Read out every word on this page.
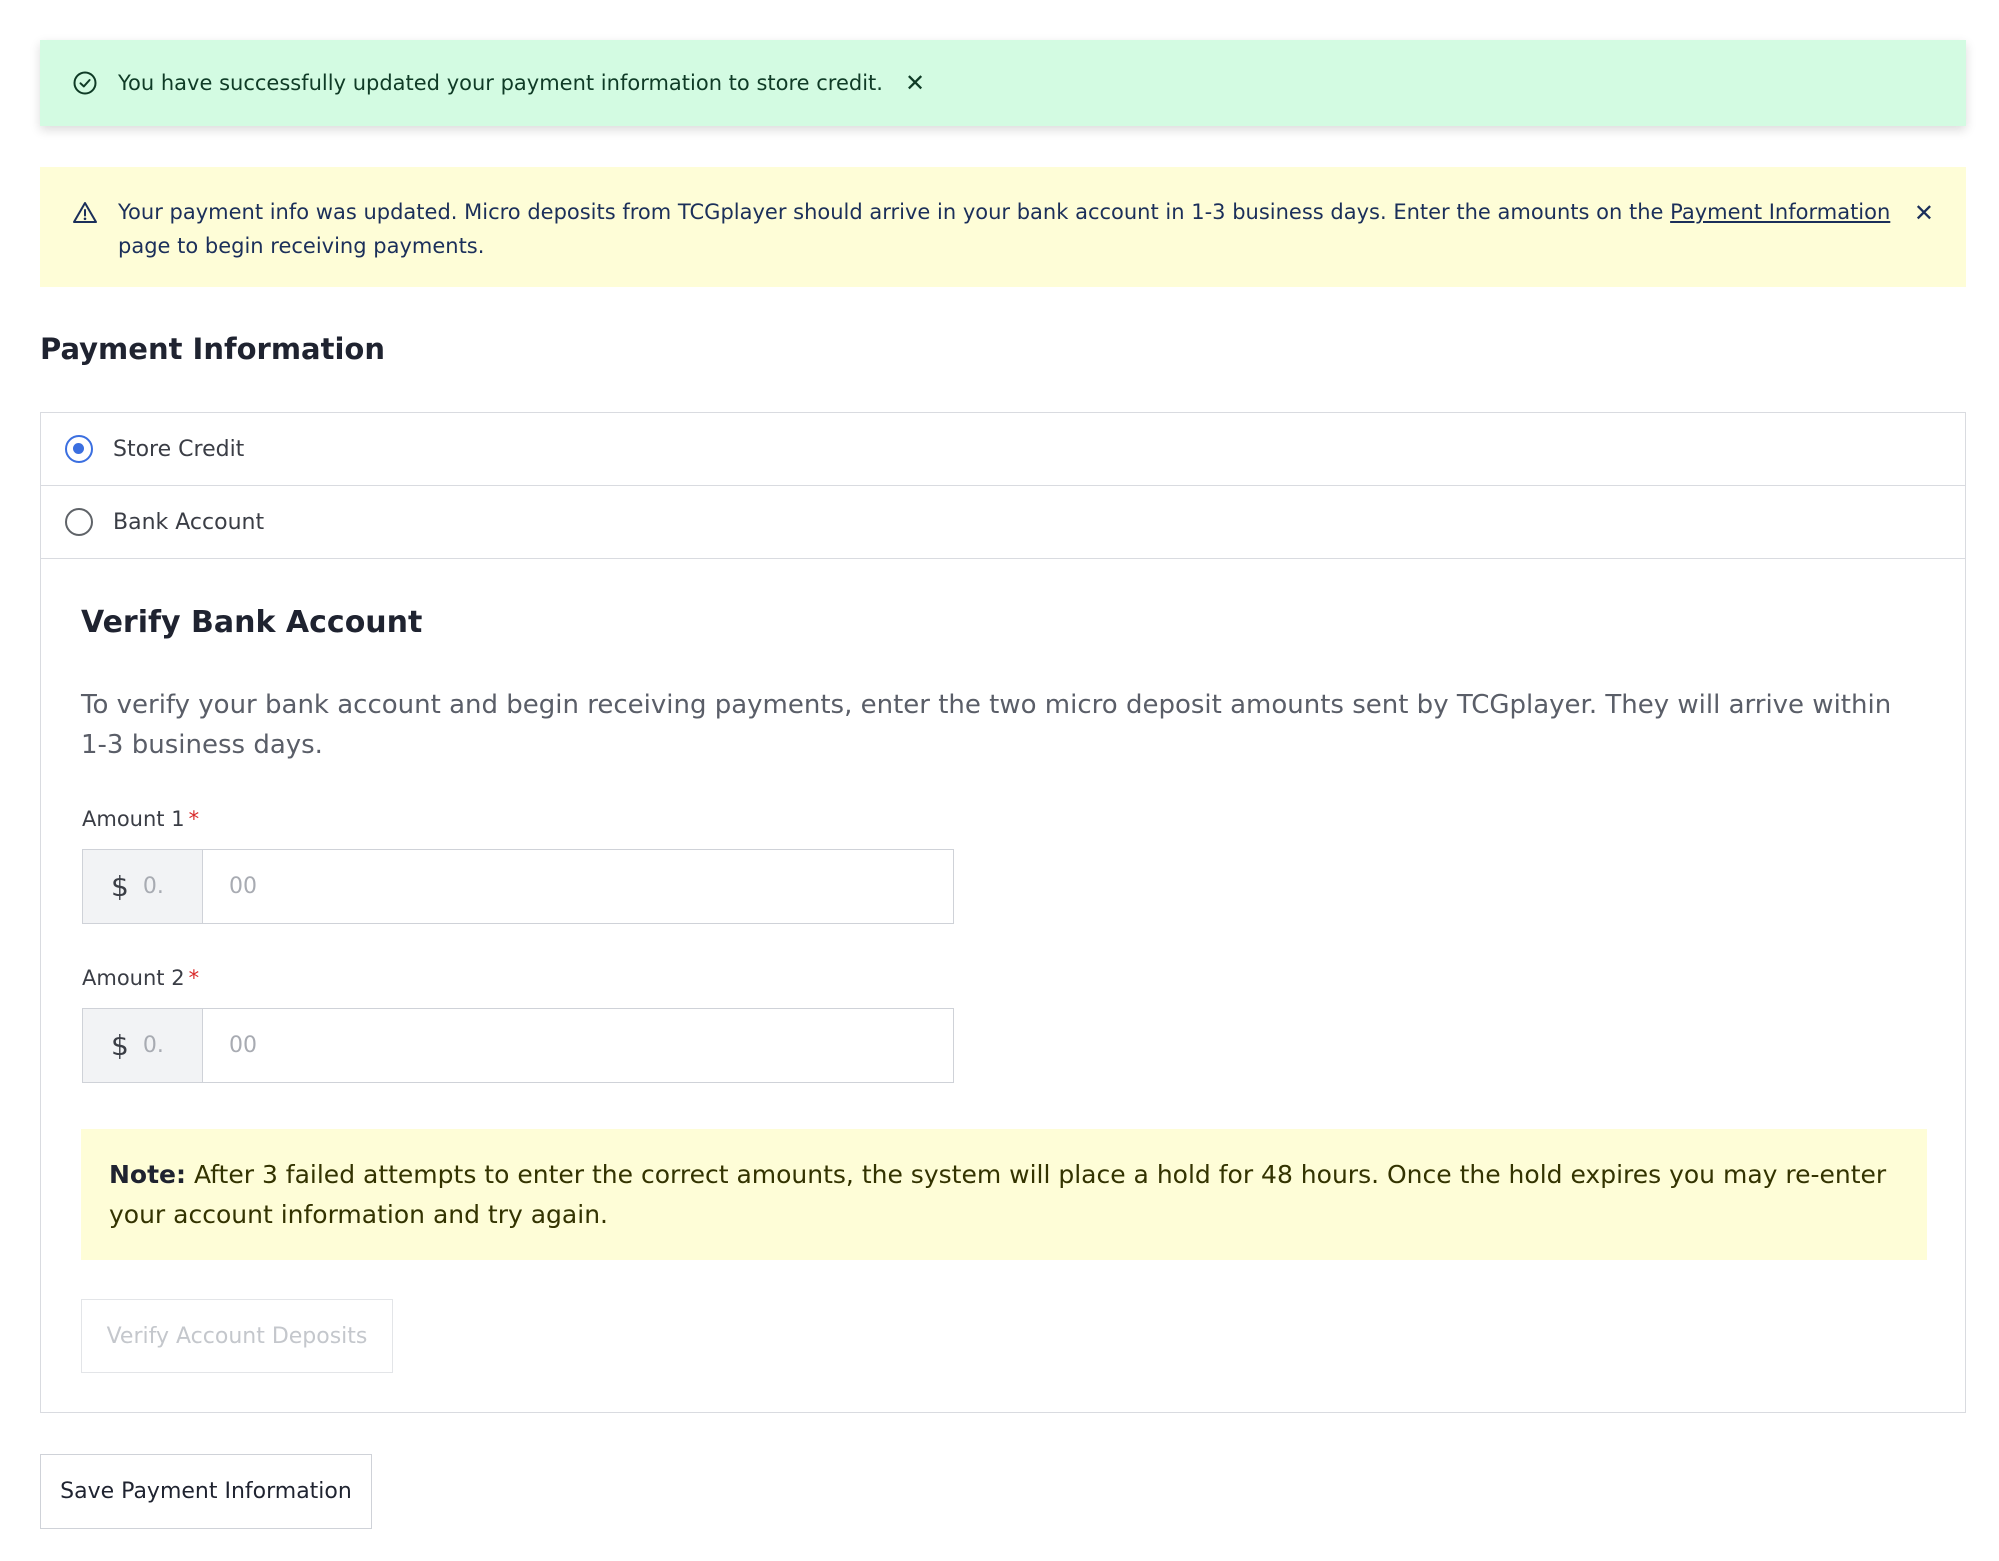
You have successfully updated your payment information to store credit. ✕
Your payment info was updated. Micro deposits from TCGplayer should arrive in your bank account in 1-3 business days. Enter the amounts on the Payment Information page to begin receiving payments.
✕
Payment Information
Store Credit
Bank Account
Verify Bank Account

To verify your bank account and begin receiving payments, enter the two micro deposit amounts sent by TCGplayer. They will arrive within 1-3 business days.

Amount 1 *
$ 0.
00
Amount 2 *
$ 0.
00
Note: After 3 failed attempts to enter the correct amounts, the system will place a hold for 48 hours. Once the hold expires you may re-enter your account information and try again.
Verify Account Deposits
Save Payment Information
